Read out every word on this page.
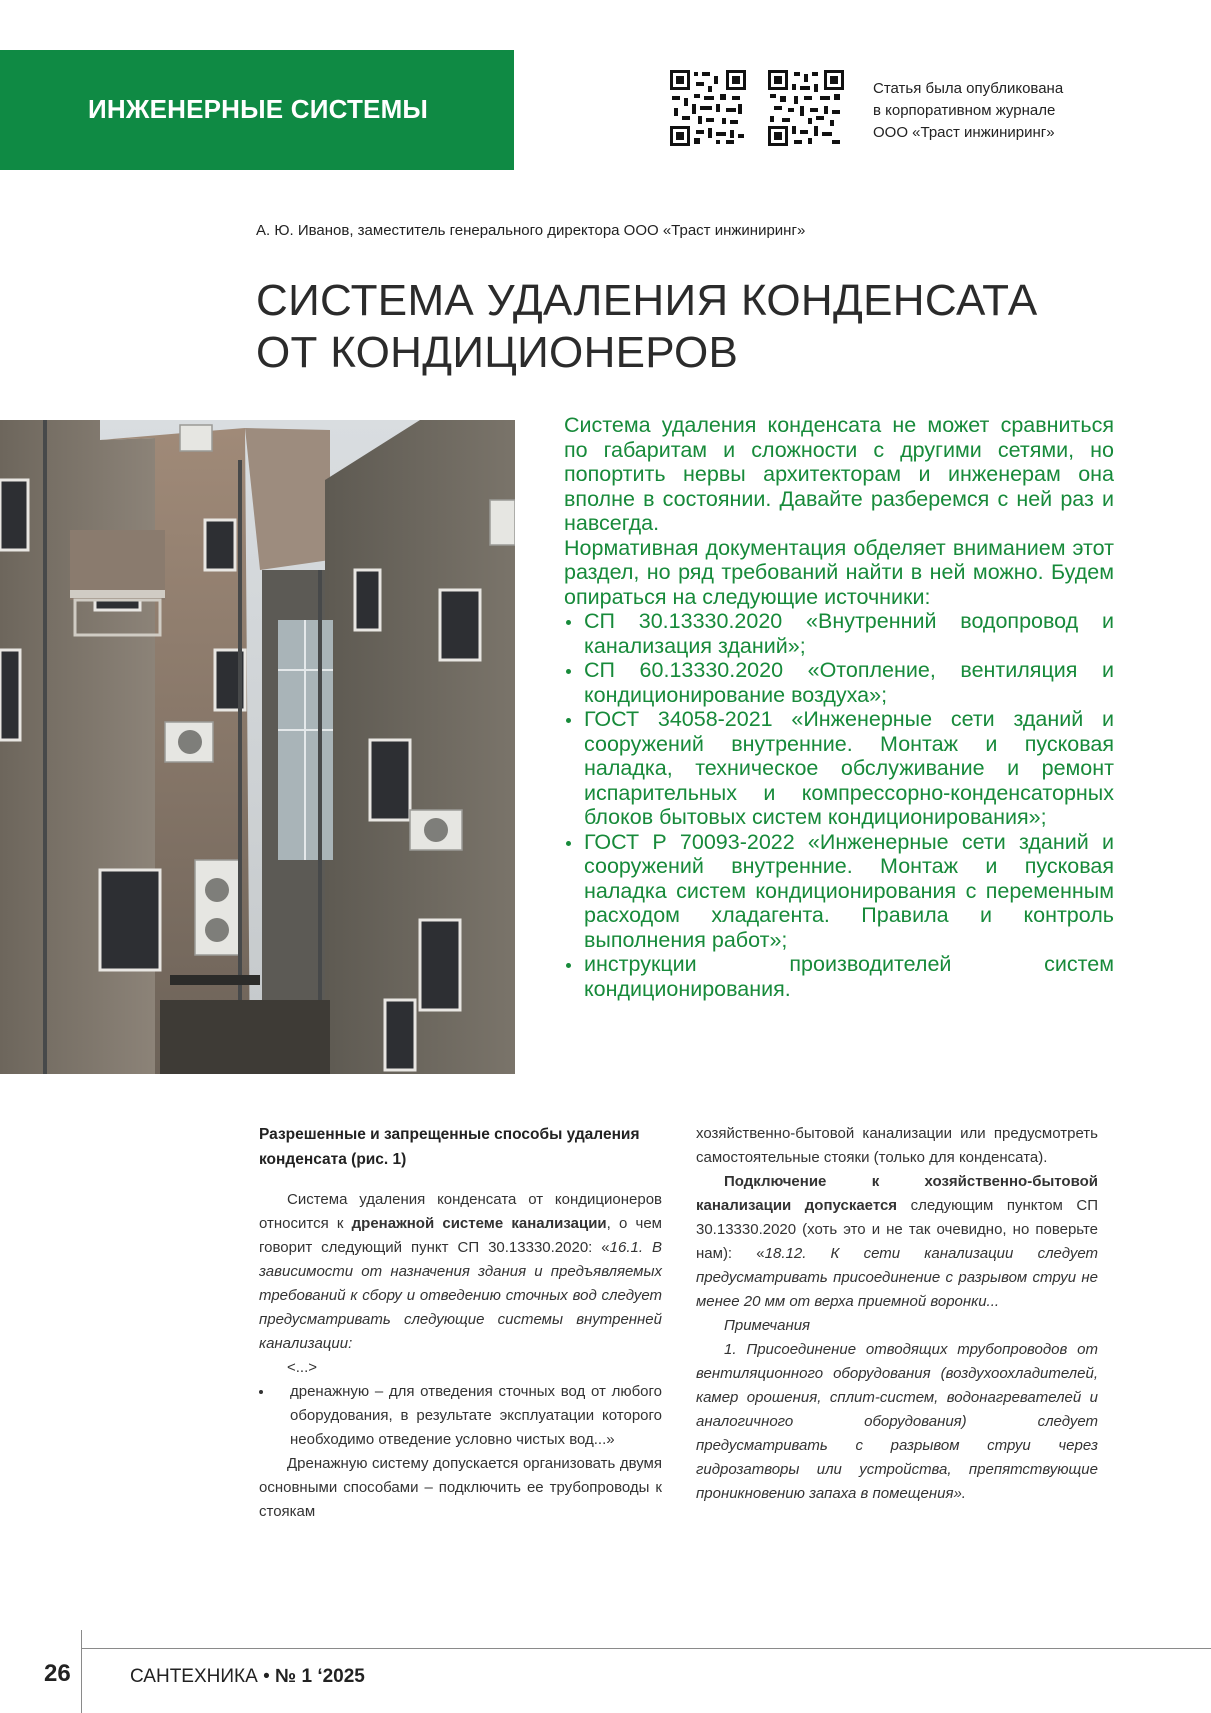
ИНЖЕНЕРНЫЕ СИСТЕМЫ
Статья была опубликована
в корпоративном журнале
ООО «Траст инжиниринг»
А. Ю. Иванов, заместитель генерального директора ООО «Траст инжиниринг»
СИСТЕМА УДАЛЕНИЯ КОНДЕНСАТА
ОТ КОНДИЦИОНЕРОВ

Система удаления конденсата не может сравниться по габаритам и сложности с другими сетями, но попортить нервы архитекторам и инженерам она вполне в состоянии. Давайте разберемся с ней раз и навсегда.

Нормативная документация обделяет вниманием этот раздел, но ряд требований найти в ней можно. Будем опираться на следующие источники:

СП 30.13330.2020 «Внутренний водопровод и канализация зданий»;
СП 60.13330.2020 «Отопление, вентиляция и кондиционирование воздуха»;
ГОСТ 34058-2021 «Инженерные сети зданий и сооружений внутренние. Монтаж и пусковая наладка, техническое обслуживание и ремонт испарительных и компрессорно-конденсаторных блоков бытовых систем кондиционирования»;
ГОСТ Р 70093-2022 «Инженерные сети зданий и сооружений внутренние. Монтаж и пусковая наладка систем кондиционирования с переменным расходом хладагента. Правила и контроль выполнения работ»;
инструкции производителей систем кондиционирования.

Разрешенные и запрещенные способы удаления конденсата (рис. 1)

Система удаления конденсата от кондиционеров относится к дренажной системе канализации, о чем говорит следующий пункт СП 30.13330.2020: «16.1. В зависимости от назначения здания и предъявляемых требований к сбору и отведению сточных вод следует предусматривать следующие системы внутренней канализации:

<...>

дренажную – для отведения сточных вод от любого оборудования, в результате эксплуатации которого необходимо отведение условно чистых вод...»

Дренажную систему допускается организовать двумя основными способами – подключить ее трубопроводы к стоякам

хозяйственно-бытовой канализации или предусмотреть самостоятельные стояки (только для конденсата).

Подключение к хозяйственно-бытовой канализации допускается следующим пунктом СП 30.13330.2020 (хоть это и не так очевидно, но поверьте нам): «18.12. К сети канализации следует предусматривать присоединение с разрывом струи не менее 20 мм от верха приемной воронки...

Примечания

1. Присоединение отводящих трубопроводов от вентиляционного оборудования (воздухоохладителей, камер орошения, сплит-систем, водонагревателей и аналогичного оборудования) следует предусматривать с разрывом струи через гидрозатворы или устройства, препятствующие проникновению запаха в помещения».

26	САНТЕХНИКА • № 1 ‘2025
